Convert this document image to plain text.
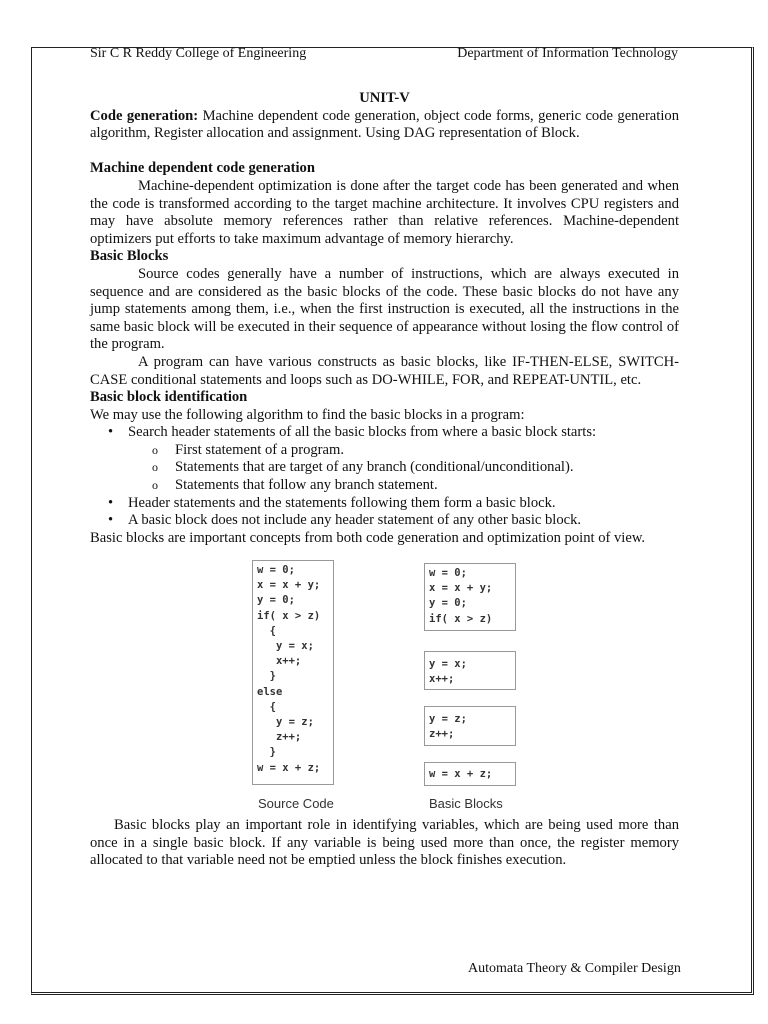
Sir C R Reddy College of Engineering	Department of Information Technology

UNIT-V

Code generation: Machine dependent code generation, object code forms, generic code generation algorithm, Register allocation and assignment. Using DAG representation of Block.

Machine dependent code generation

Machine-dependent optimization is done after the target code has been generated and when the code is transformed according to the target machine architecture. It involves CPU registers and may have absolute memory references rather than relative references. Machine-dependent optimizers put efforts to take maximum advantage of memory hierarchy.

Basic Blocks

Source codes generally have a number of instructions, which are always executed in sequence and are considered as the basic blocks of the code. These basic blocks do not have any jump statements among them, i.e., when the first instruction is executed, all the instructions in the same basic block will be executed in their sequence of appearance without losing the flow control of the program.

A program can have various constructs as basic blocks, like IF-THEN-ELSE, SWITCH-CASE conditional statements and loops such as DO-WHILE, FOR, and REPEAT-UNTIL, etc.

Basic block identification

We may use the following algorithm to find the basic blocks in a program:

• Search header statements of all the basic blocks from where a basic block starts:
o First statement of a program.
o Statements that are target of any branch (conditional/unconditional).
o Statements that follow any branch statement.
• Header statements and the statements following them form a basic block.
• A basic block does not include any header statement of any other basic block.

Basic blocks are important concepts from both code generation and optimization point of view.

w = 0;
x = x + y;
y = 0;
if( x > z)
{
y = x;
x++;
}
else
{
y = z;
z++;
}
w = x + z;
w = 0;
x = x + y;
y = 0;
if( x > z)
y = x;
x++;
y = z;
z++;
w = x + z;
Source Code	Basic Blocks

Basic blocks play an important role in identifying variables, which are being used more than once in a single basic block. If any variable is being used more than once, the register memory allocated to that variable need not be emptied unless the block finishes execution.

Automata Theory & Compiler Design
